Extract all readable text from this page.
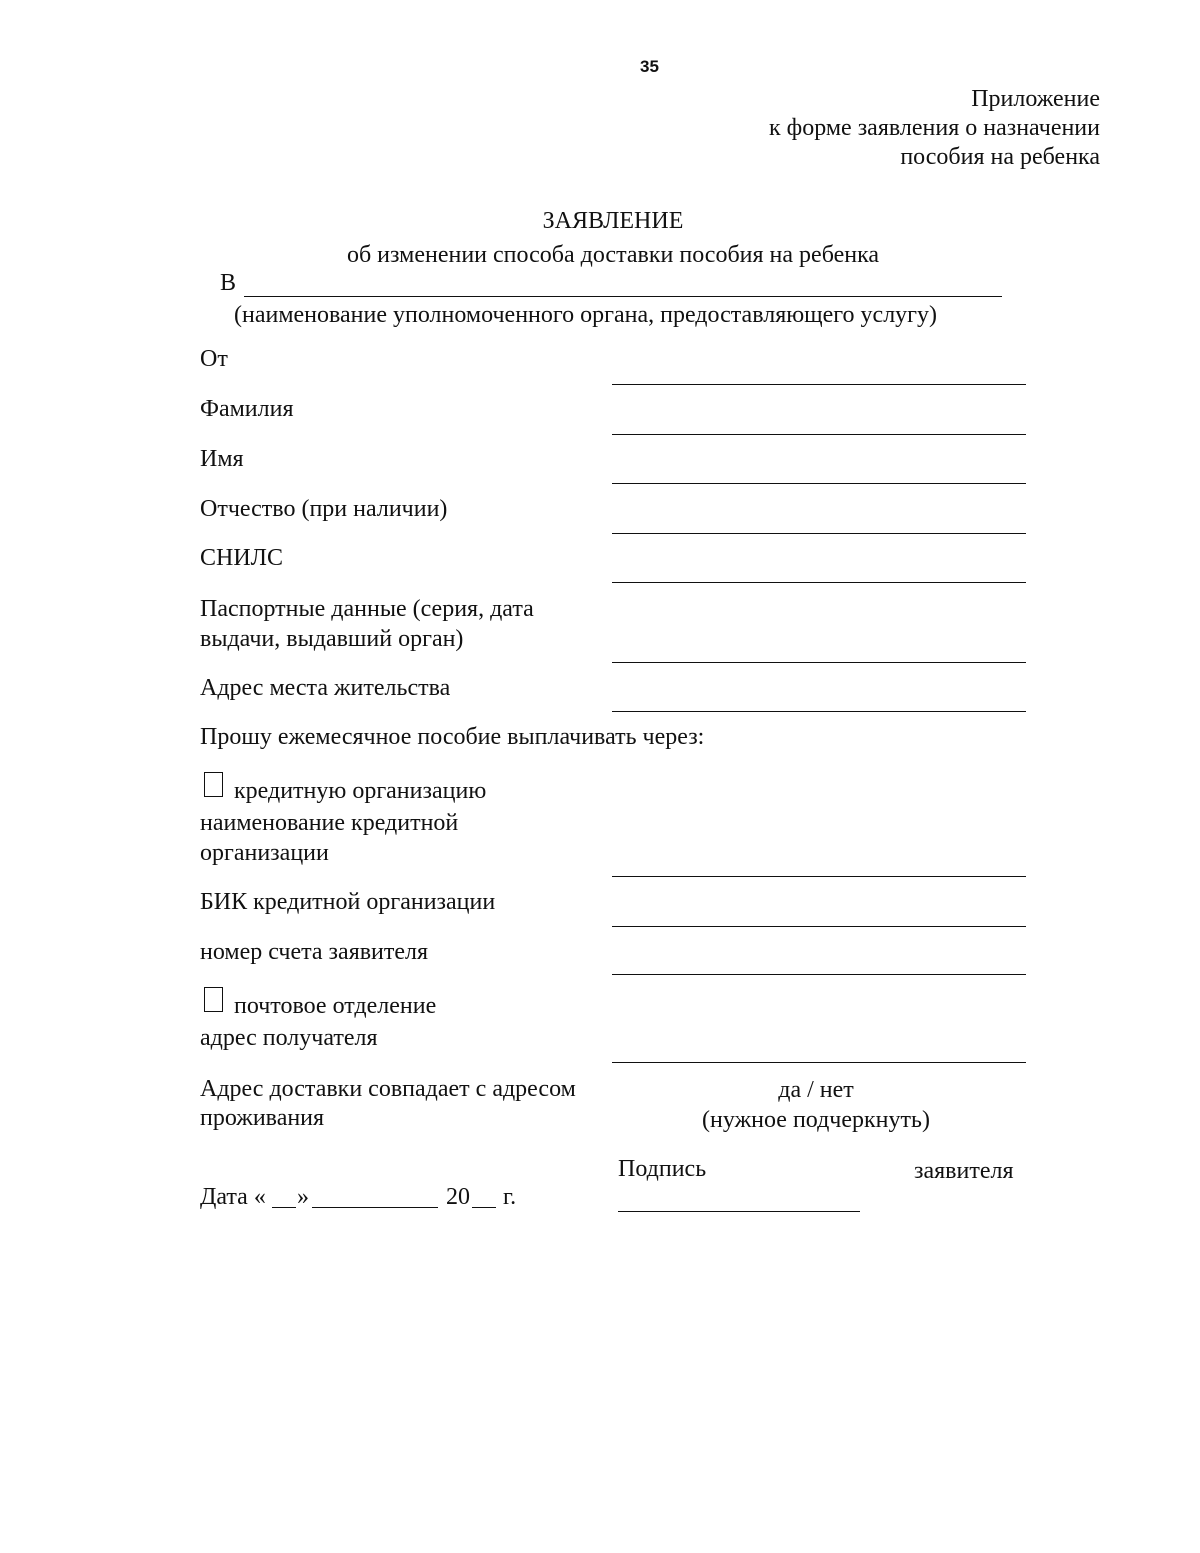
35
Приложение
к форме заявления о назначении
пособия на ребенка
ЗАЯВЛЕНИЕ
об изменении способа доставки пособия на ребенка
В
(наименование уполномоченного органа, предоставляющего услугу)
От
Фамилия
Имя
Отчество (при наличии)
СНИЛС
Паспортные данные (серия, дата
выдачи, выдавший орган)
Адрес места жительства
Прошу ежемесячное пособие выплачивать через:
кредитную организацию
наименование кредитной
организации
БИК кредитной организации
номер счета заявителя
почтовое отделение
адрес получателя
Адрес доставки совпадает с адресом
проживания
да / нет
(нужное подчеркнуть)
Подпись	заявителя
Дата « »	20 г.
